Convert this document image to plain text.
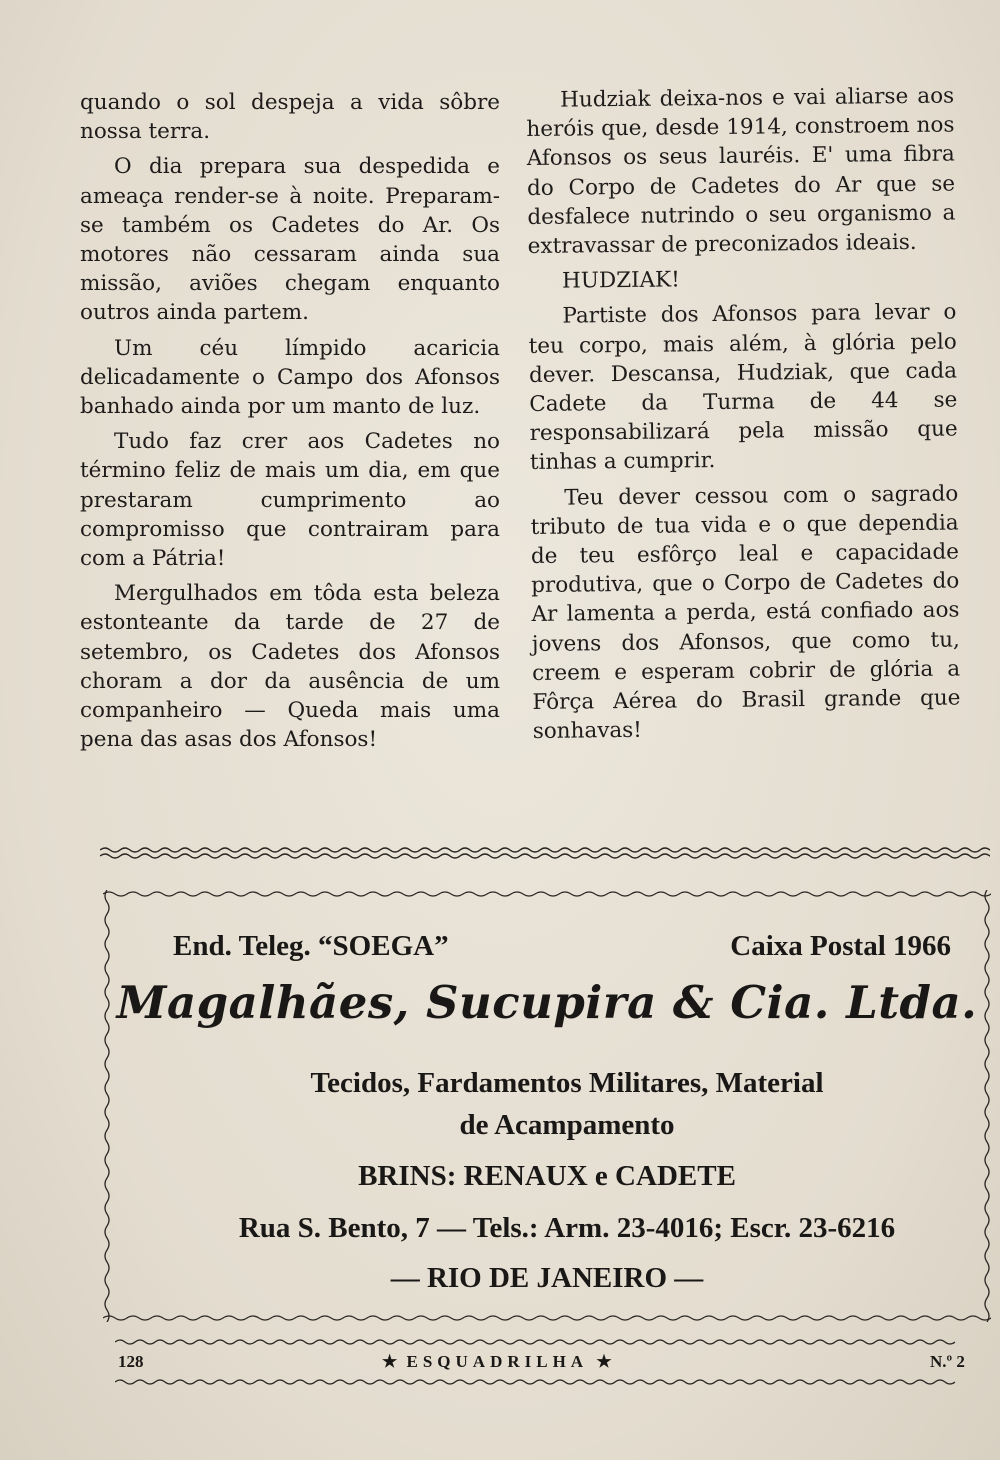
quando o sol despeja a vida sôbre nossa terra.

O dia prepara sua despedida e ameaça render-se à noite. Preparam-se também os Cadetes do Ar. Os motores não cessaram ainda sua missão, aviões chegam enquanto outros ainda partem.

Um céu límpido acaricia delicadamente o Campo dos Afonsos banhado ainda por um manto de luz.

Tudo faz crer aos Cadetes no término feliz de mais um dia, em que prestaram cumprimento ao compromisso que contrairam para com a Pátria!

Mergulhados em tôda esta beleza estonteante da tarde de 27 de setembro, os Cadetes dos Afonsos choram a dor da ausência de um companheiro — Queda mais uma pena das asas dos Afonsos!

Hudziak deixa-nos e vai aliarse aos heróis que, desde 1914, constroem nos Afonsos os seus lauréis. E' uma fibra do Corpo de Cadetes do Ar que se desfalece nutrindo o seu organismo a extravassar de preconizados ideais.

HUDZIAK!

Partiste dos Afonsos para levar o teu corpo, mais além, à glória pelo dever. Descansa, Hudziak, que cada Cadete da Turma de 44 se responsabilizará pela missão que tinhas a cumprir.

Teu dever cessou com o sagrado tributo de tua vida e o que dependia de teu esfôrço leal e capacidade produtiva, que o Corpo de Cadetes do Ar lamenta a perda, está confiado aos jovens dos Afonsos, que como tu, creem e esperam cobrir de glória a Fôrça Aérea do Brasil grande que sonhavas!

End. Teleg. “SOEGA”	Caixa Postal 1966
Magalhães, Sucupira & Cia. Ltda.
Tecidos, Fardamentos Militares, Material
de Acampamento
BRINS: RENAUX e CADETE
Rua S. Bento, 7 — Tels.: Arm. 23-4016; Escr. 23-6216
— RIO DE JANEIRO —
128	★ ESQUADRILHA ★	N.º 2
